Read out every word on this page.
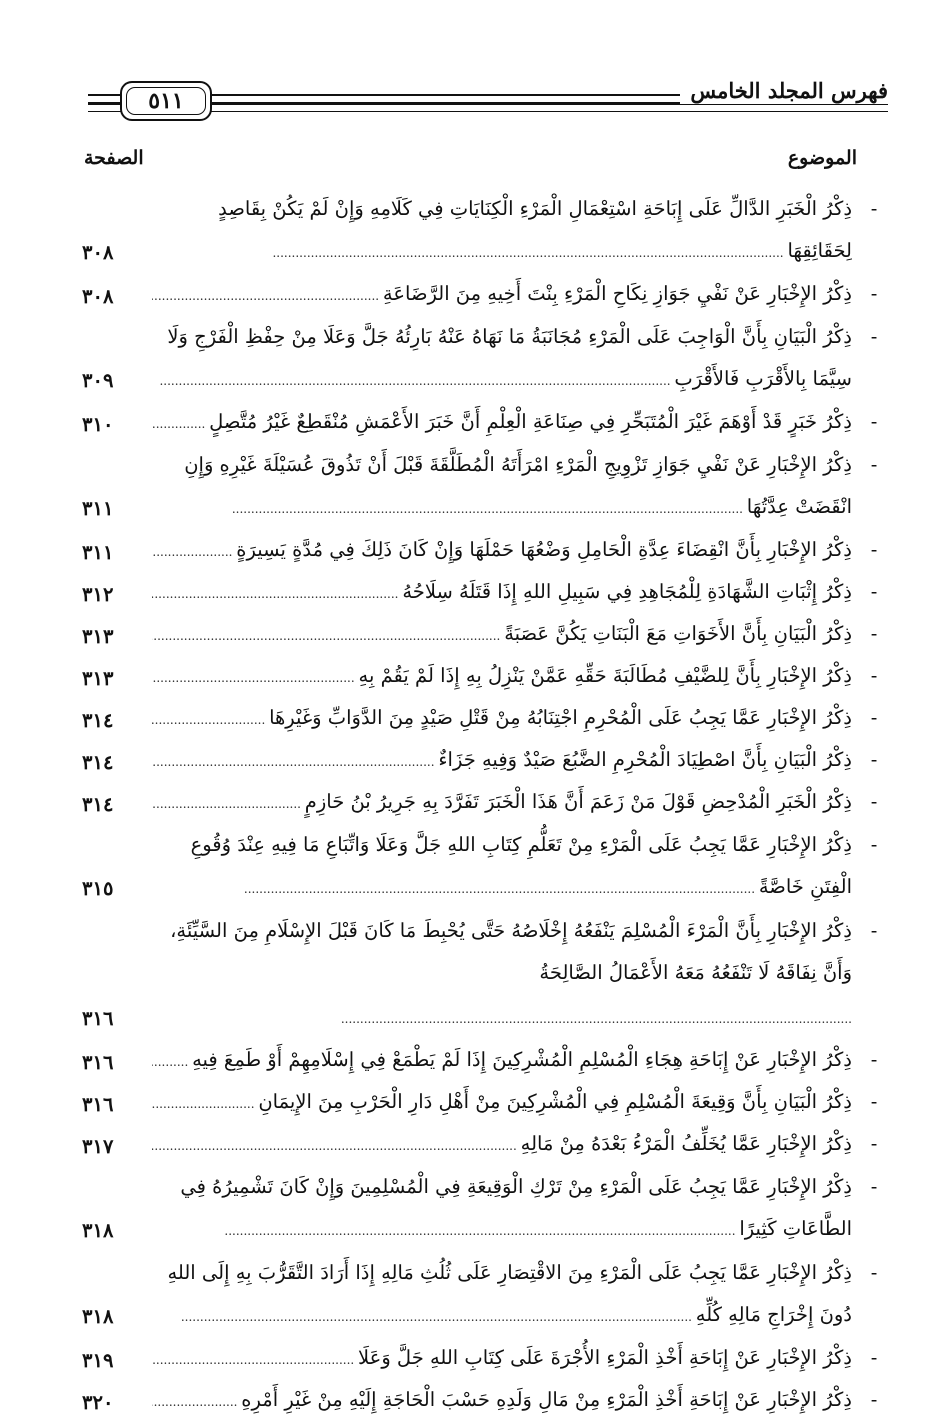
٥١١	فهرس المجلد الخامس
الموضوع
الصفحة
-
ذِكْرُ الْخَبَرِ الدَّالِّ عَلَى إِبَاحَةِ اسْتِعْمَالِ الْمَرْءِ الْكِنَايَاتِ فِي كَلَامِهِ وَإِنْ لَمْ يَكُنْ بِقَاصِدٍ لِحَقَائِقِهَا .....
٣٠٨
-
ذِكْرُ الإِخْبَارِ عَنْ نَفْيِ جَوَازِ نِكَاحِ الْمَرْءِ بِنْتَ أَخِيهِ مِنَ الرَّضَاعَةِ .....
٣٠٨
-
ذِكْرُ الْبَيَانِ بِأَنَّ الْوَاجِبَ عَلَى الْمَرْءِ مُجَانَبَةُ مَا نَهَاهُ عَنْهُ بَارِئُهُ جَلَّ وَعَلَا مِنْ حِفْظِ الْفَرْجِ وَلَا سِيَّمَا بِالأَقْرَبِ فَالأَقْرَبِ .....
٣٠٩
-
ذِكْرُ خَبَرٍ قَدْ أَوْهَمَ غَيْرَ الْمُتَبَحِّرِ فِي صِنَاعَةِ الْعِلْمِ أَنَّ خَبَرَ الأَعْمَشِ مُنْقَطِعٌ غَيْرُ مُتَّصِلٍ .....
٣١٠
-
ذِكْرُ الإِخْبَارِ عَنْ نَفْيِ جَوَازِ تَزْوِيجِ الْمَرْءِ امْرَأَتَهُ الْمُطَلَّقَةَ قَبْلَ أَنْ تَذُوقَ عُسَيْلَةَ غَيْرِهِ وَإِنِ انْقَضَتْ عِدَّتُهَا .....
٣١١
-
ذِكْرُ الإِخْبَارِ بِأَنَّ انْقِضَاءَ عِدَّةِ الْحَامِلِ وَضْعُهَا حَمْلَهَا وَإِنْ كَانَ ذَلِكَ فِي مُدَّةٍ يَسِيرَةٍ .....
٣١١
-
ذِكْرُ إِثْبَاتِ الشَّهَادَةِ لِلْمُجَاهِدِ فِي سَبِيلِ اللهِ إِذَا قَتَلَهُ سِلَاحُهُ .....
٣١٢
-
ذِكْرُ الْبَيَانِ بِأَنَّ الأَخَوَاتِ مَعَ الْبَنَاتِ يَكُنَّ عَصَبَةً .....
٣١٣
-
ذِكْرُ الإِخْبَارِ بِأَنَّ لِلضَّيْفِ مُطَالَبَةَ حَقِّهِ عَمَّنْ يَنْزِلُ بِهِ إِذَا لَمْ يَقُمْ بِهِ .....
٣١٣
-
ذِكْرُ الإِخْبَارِ عَمَّا يَجِبُ عَلَى الْمُحْرِمِ اجْتِنَابُهُ مِنْ قَتْلِ صَيْدٍ مِنَ الدَّوَابِّ وَغَيْرِهَا .....
٣١٤
-
ذِكْرُ الْبَيَانِ بِأَنَّ اصْطِيَادَ الْمُحْرِمِ الضَّبُعَ صَيْدٌ وَفِيهِ جَزَاءٌ .....
٣١٤
-
ذِكْرُ الْخَبَرِ الْمُدْحِضِ قَوْلَ مَنْ زَعَمَ أَنَّ هَذَا الْخَبَرَ تَفَرَّدَ بِهِ جَرِيرُ بْنُ حَازِمٍ .....
٣١٤
-
ذِكْرُ الإِخْبَارِ عَمَّا يَجِبُ عَلَى الْمَرْءِ مِنْ تَعَلُّمِ كِتَابِ اللهِ جَلَّ وَعَلَا وَاتِّبَاعِ مَا فِيهِ عِنْدَ وُقُوعِ الْفِتَنِ خَاصَّةً .....
٣١٥
-
ذِكْرُ الإِخْبَارِ بِأَنَّ الْمَرْءَ الْمُسْلِمَ يَنْفَعُهُ إِخْلَاصُهُ حَتَّى يُحْبِطَ مَا كَانَ قَبْلَ الإِسْلَامِ مِنَ السَّيِّئَةِ، وَأَنَّ نِفَاقَهُ لَا تَنْفَعُهُ مَعَهُ الأَعْمَالُ الصَّالِحَةُ .....
٣١٦
-
ذِكْرُ الإِخْبَارِ عَنْ إِبَاحَةِ هِجَاءِ الْمُسْلِمِ الْمُشْرِكِينَ إِذَا لَمْ يَطْمَعْ فِي إِسْلَامِهِمْ أَوْ طَمِعَ فِيهِ .....
٣١٦
-
ذِكْرُ الْبَيَانِ بِأَنَّ وَقِيعَةَ الْمُسْلِمِ فِي الْمُشْرِكِينَ مِنْ أَهْلِ دَارِ الْحَرْبِ مِنَ الإِيمَانِ .....
٣١٦
-
ذِكْرُ الإِخْبَارِ عَمَّا يُخَلِّفُ الْمَرْءُ بَعْدَهُ مِنْ مَالِهِ .....
٣١٧
-
ذِكْرُ الإِخْبَارِ عَمَّا يَجِبُ عَلَى الْمَرْءِ مِنْ تَرْكِ الْوَقِيعَةِ فِي الْمُسْلِمِينَ وَإِنْ كَانَ تَشْمِيرُهُ فِي الطَّاعَاتِ كَثِيرًا .....
٣١٨
-
ذِكْرُ الإِخْبَارِ عَمَّا يَجِبُ عَلَى الْمَرْءِ مِنَ الاقْتِصَارِ عَلَى ثُلُثِ مَالِهِ إِذَا أَرَادَ التَّقَرُّبَ بِهِ إِلَى اللهِ دُونَ إِخْرَاجِ مَالِهِ كُلِّهِ .....
٣١٨
-
ذِكْرُ الإِخْبَارِ عَنْ إِبَاحَةِ أَخْذِ الْمَرْءِ الأُجْرَةَ عَلَى كِتَابِ اللهِ جَلَّ وَعَلَا .....
٣١٩
-
ذِكْرُ الإِخْبَارِ عَنْ إِبَاحَةِ أَخْذِ الْمَرْءِ مِنْ مَالِ وَلَدِهِ حَسْبَ الْحَاجَةِ إِلَيْهِ مِنْ غَيْرِ أَمْرِهِ .....
٣٢٠
